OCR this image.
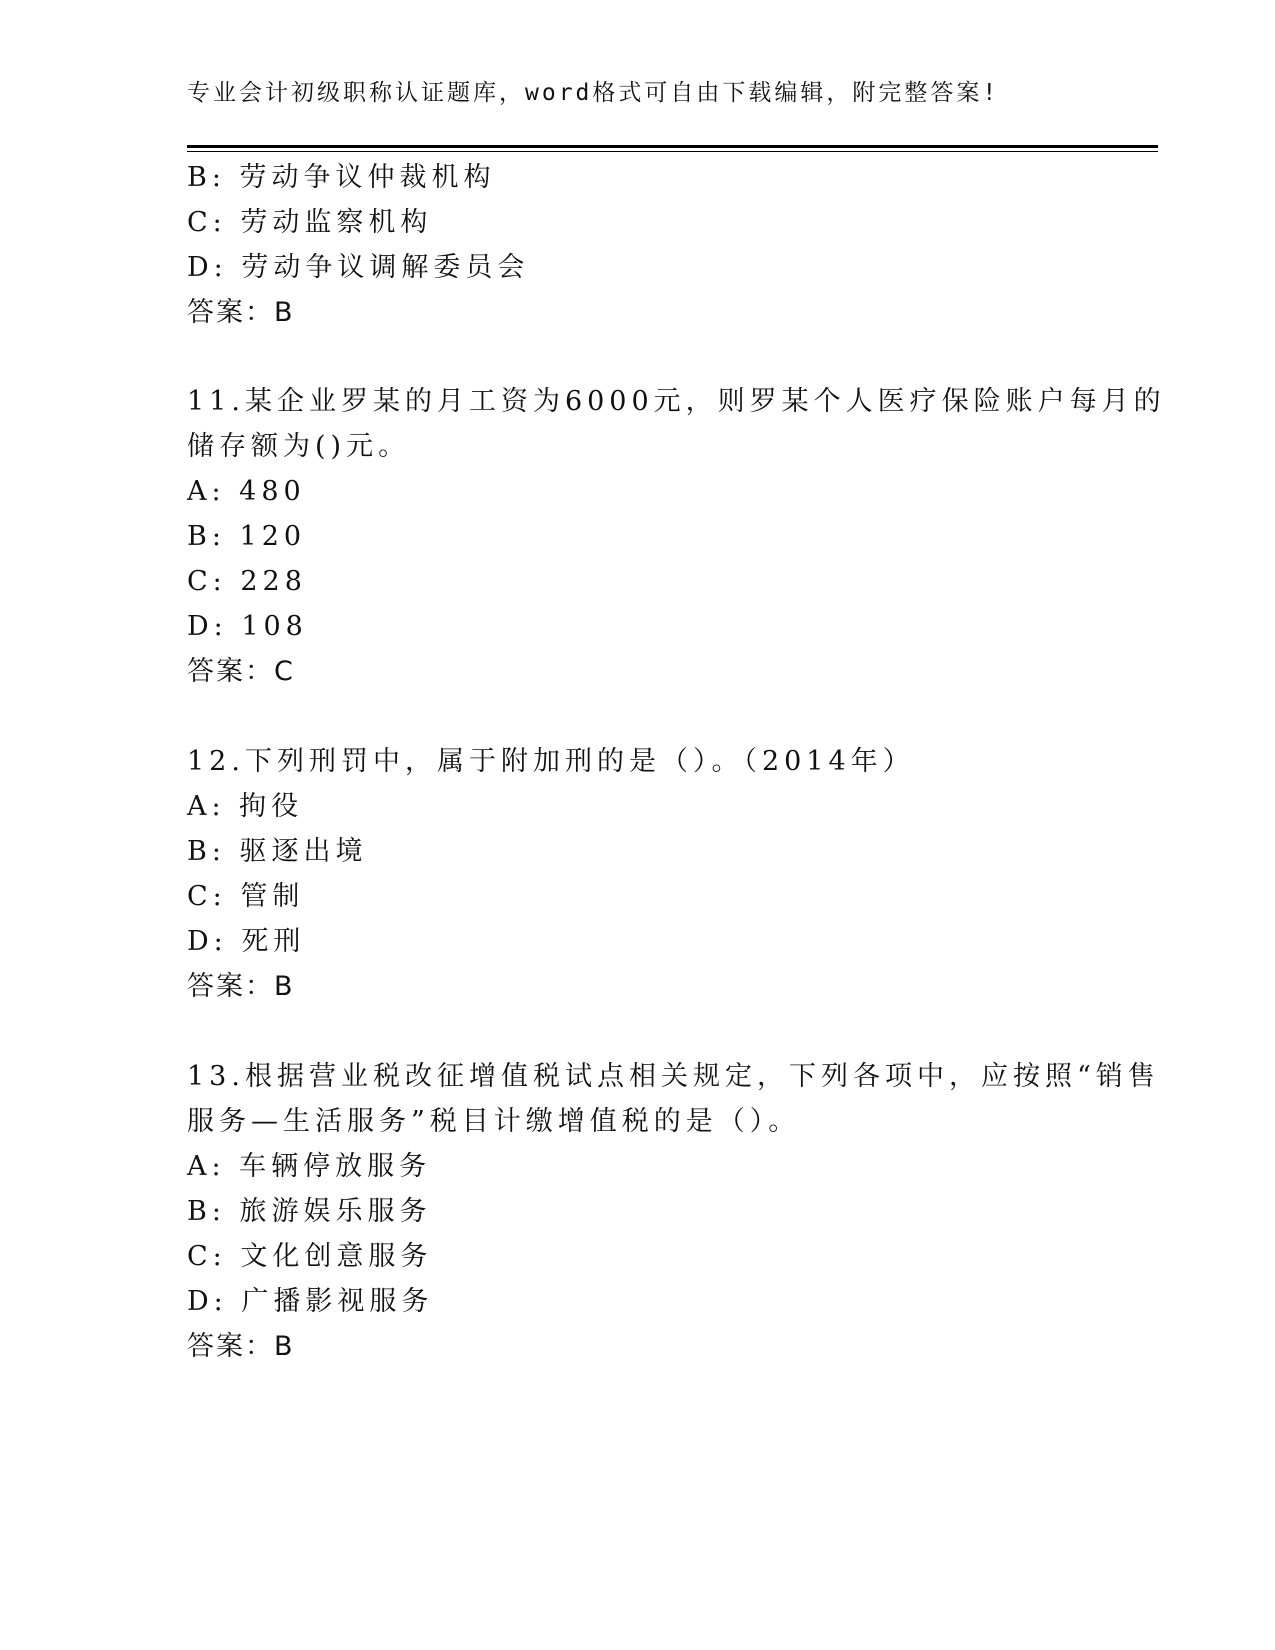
专业会计初级职称认证题库，word格式可自由下载编辑，附完整答案!
B: 劳动争议仲裁机构
C: 劳动监察机构
D: 劳动争议调解委员会
答案：B
11.某企业罗某的月工资为6000元，则罗某个人医疗保险账户每月的
储存额为()元。
A: 480
B: 120
C: 228
D: 108
答案：C
12.下列刑罚中，属于附加刑的是（）。（2014年）
A: 拘役
B: 驱逐出境
C: 管制
D: 死刑
答案：B
13.根据营业税改征增值税试点相关规定，下列各项中，应按照“销售
服务—生活服务”税目计缴增值税的是（）。
A: 车辆停放服务
B: 旅游娱乐服务
C: 文化创意服务
D: 广播影视服务
答案：B
